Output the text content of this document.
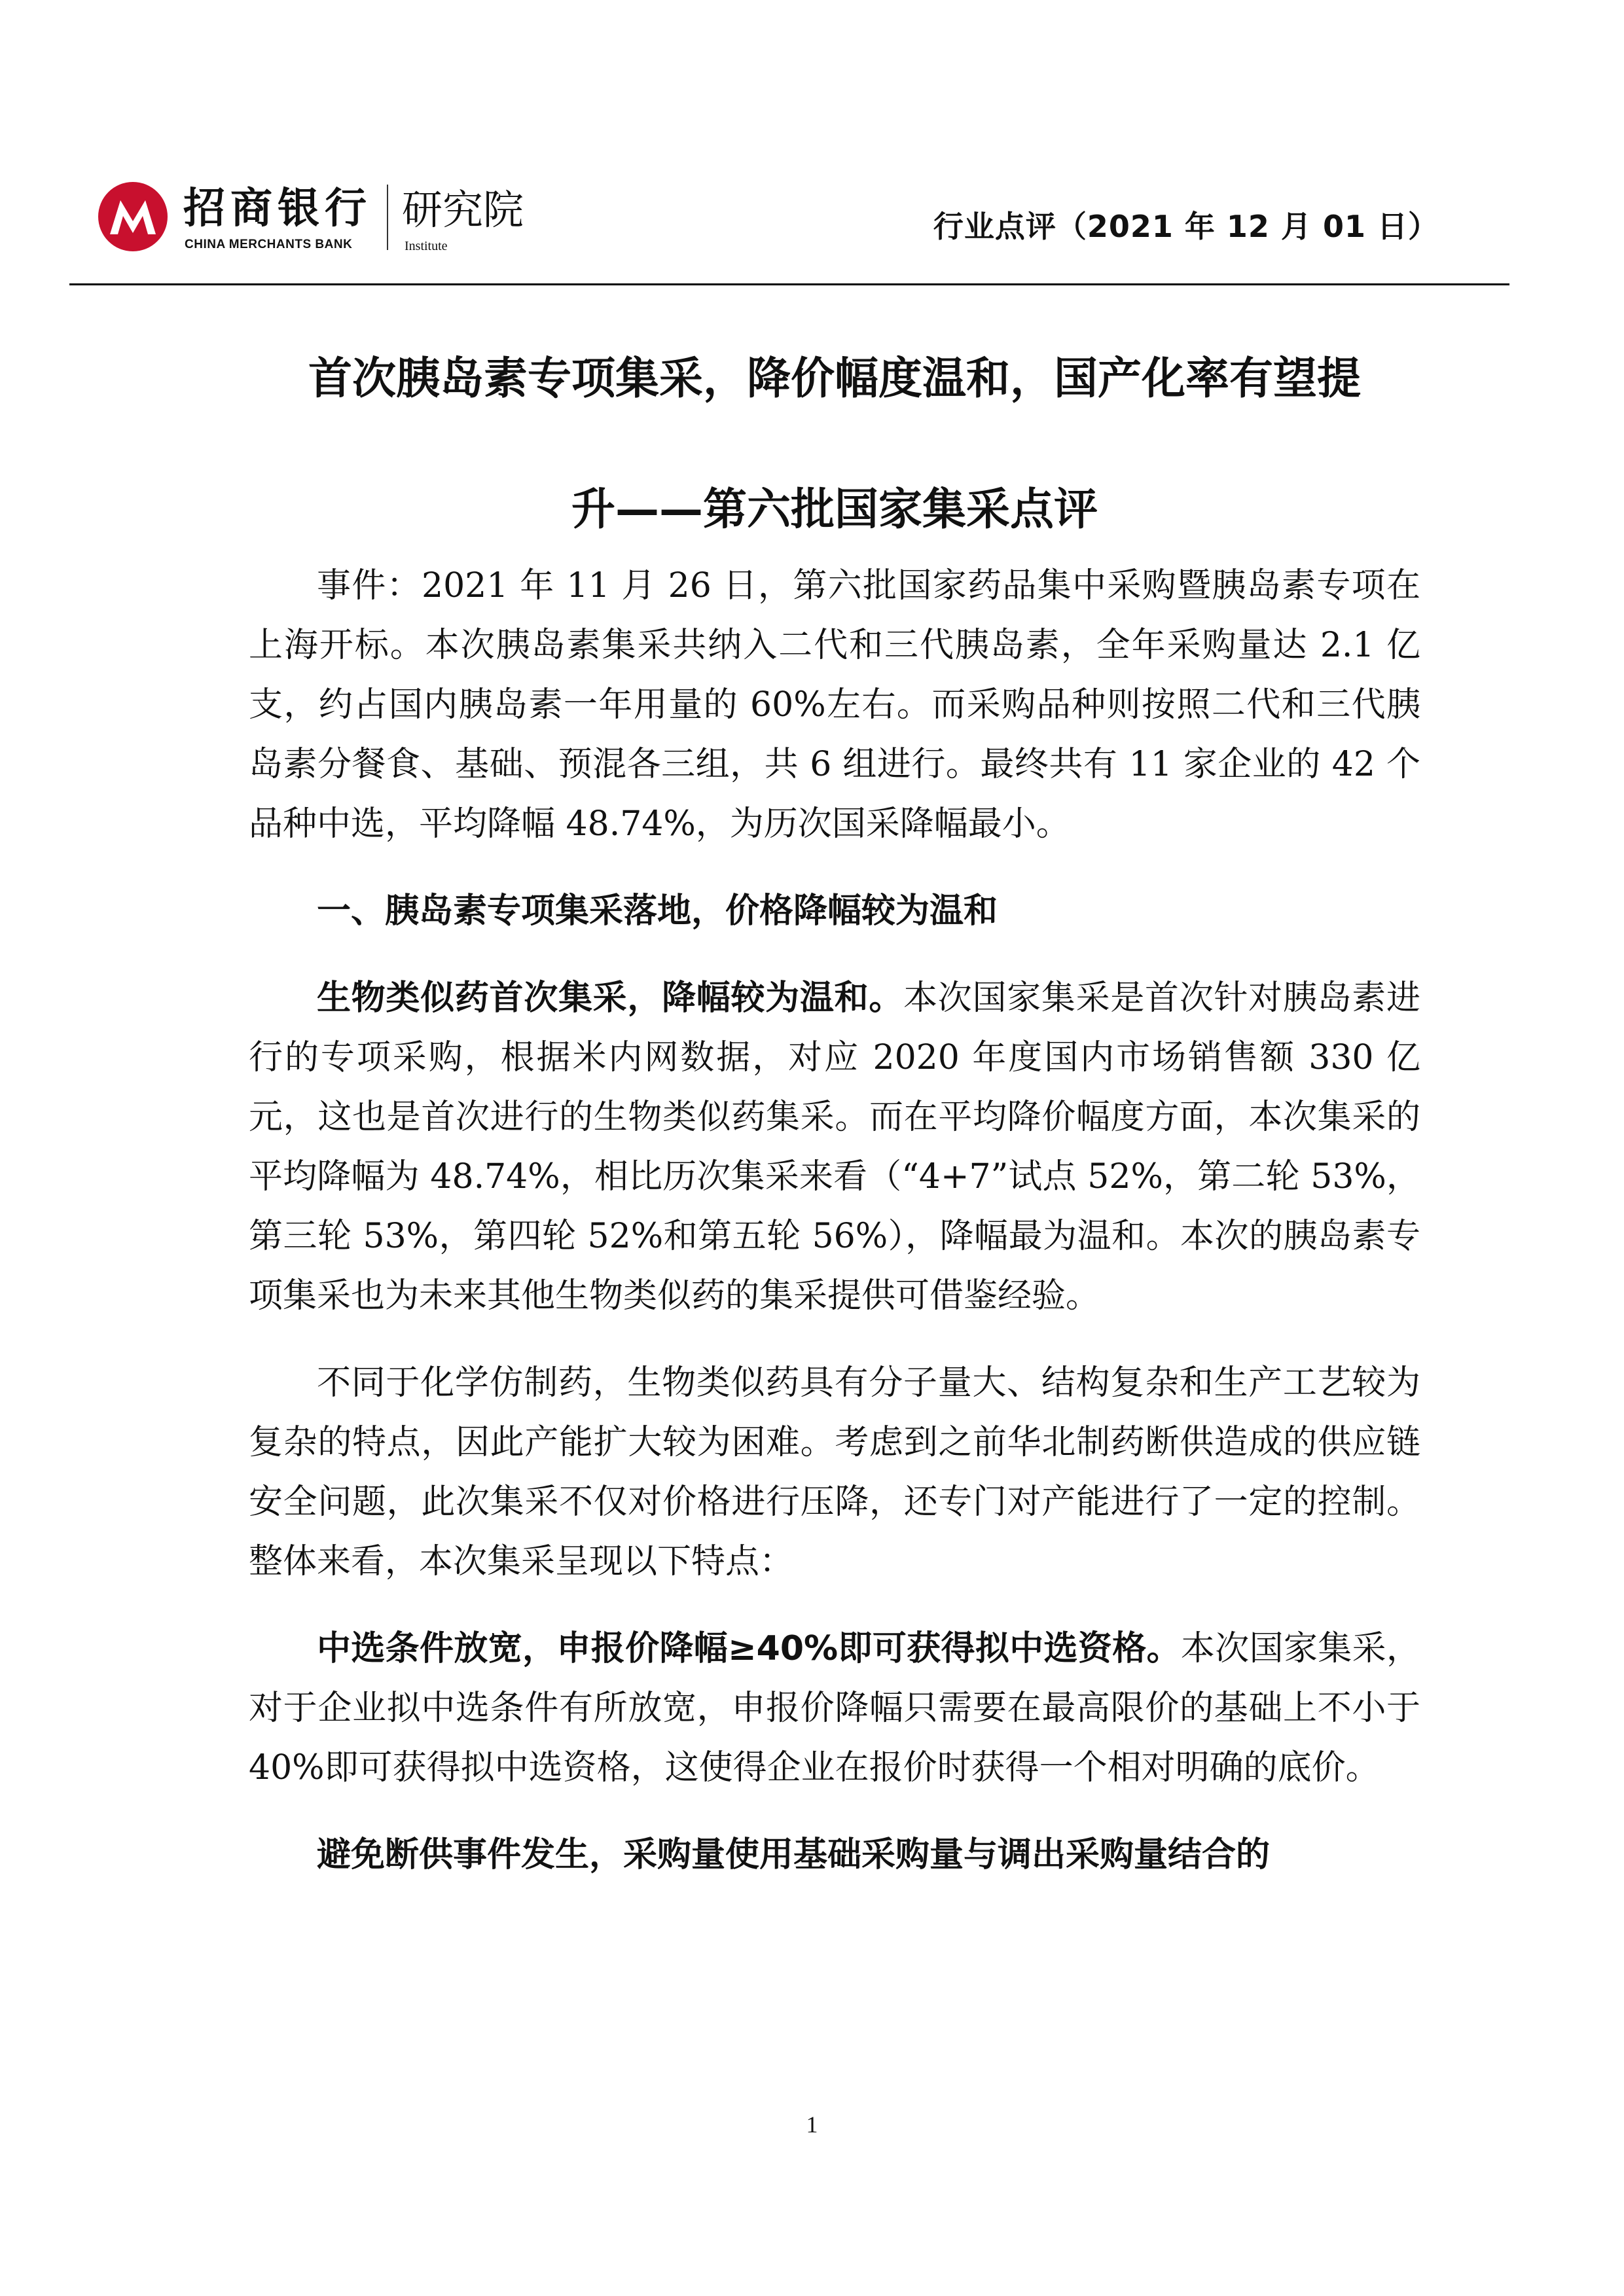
招商银行
CHINA MERCHANTS BANK
研究院
Institute
行业点评（2021 年 12 月 01 日）
首次胰岛素专项集采，降价幅度温和，国产化率有望提
升——第六批国家集采点评

事件：2021 年 11 月 26 日，第六批国家药品集中采购暨胰岛素专项在上海开标。本次胰岛素集采共纳入二代和三代胰岛素，全年采购量达 2.1 亿支，约占国内胰岛素一年用量的 60%左右。而采购品种则按照二代和三代胰岛素分餐食、基础、预混各三组，共 6 组进行。最终共有 11 家企业的 42 个品种中选，平均降幅 48.74%，为历次国采降幅最小。

一、胰岛素专项集采落地，价格降幅较为温和

生物类似药首次集采，降幅较为温和。本次国家集采是首次针对胰岛素进行的专项采购，根据米内网数据，对应 2020 年度国内市场销售额 330 亿元，这也是首次进行的生物类似药集采。而在平均降价幅度方面，本次集采的平均降幅为 48.74%，相比历次集采来看（“4+7”试点 52%，第二轮 53%，第三轮 53%，第四轮 52%和第五轮 56%），降幅最为温和。本次的胰岛素专项集采也为未来其他生物类似药的集采提供可借鉴经验。

不同于化学仿制药，生物类似药具有分子量大、结构复杂和生产工艺较为复杂的特点，因此产能扩大较为困难。考虑到之前华北制药断供造成的供应链安全问题，此次集采不仅对价格进行压降，还专门对产能进行了一定的控制。整体来看，本次集采呈现以下特点：

中选条件放宽，申报价降幅≥40%即可获得拟中选资格。本次国家集采，对于企业拟中选条件有所放宽，申报价降幅只需要在最高限价的基础上不小于 40%即可获得拟中选资格，这使得企业在报价时获得一个相对明确的底价。

避免断供事件发生，采购量使用基础采购量与调出采购量结合的

1
